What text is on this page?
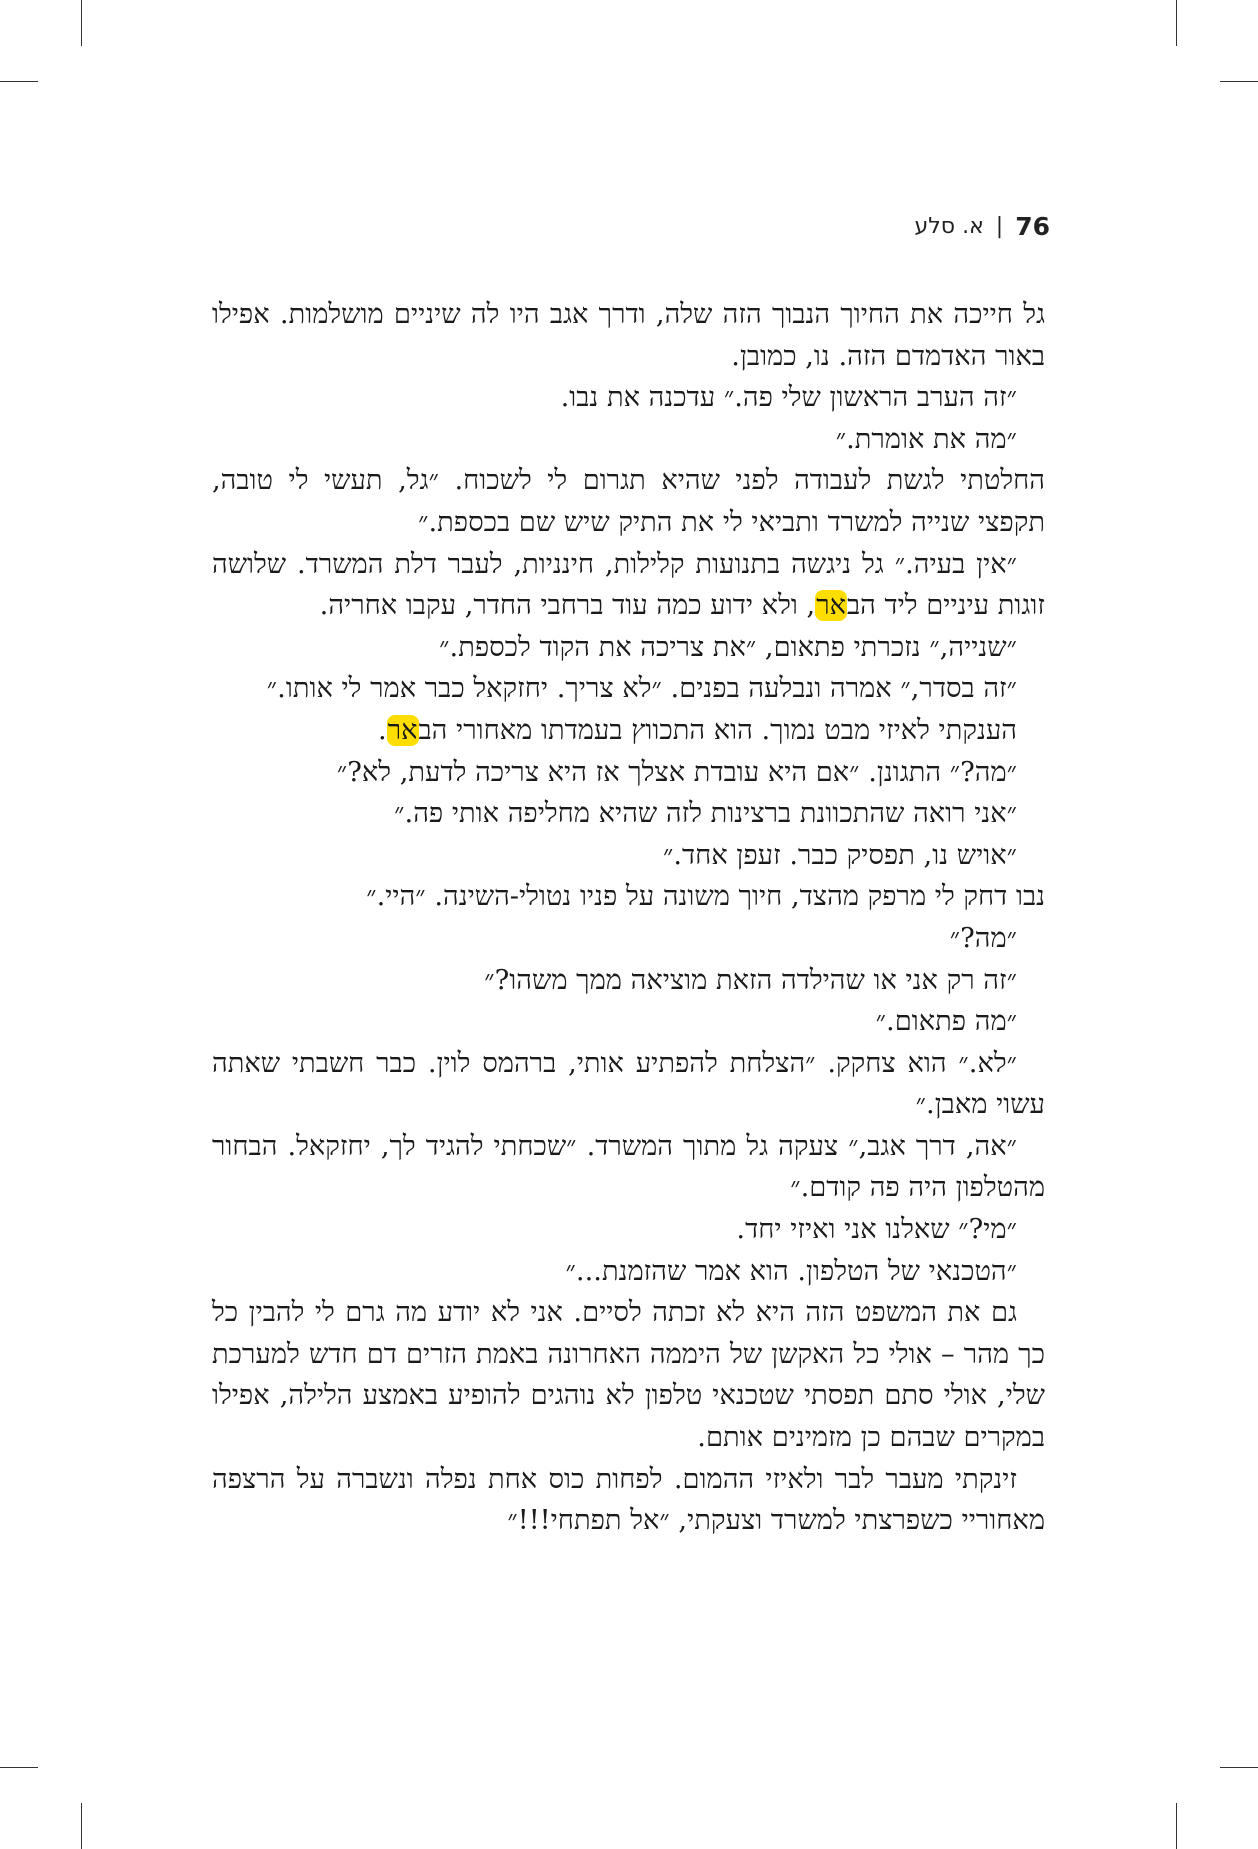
76
|
א. סלע

גל חייכה את החיוך הנבוך הזה שלה, ודרך אגב היו לה שיניים מושלמות. אפילו באור האדמדם הזה. נו, כמובן.

״זה הערב הראשון שלי פה.״ עדכנה את נבו.

״מה את אומרת.״

החלטתי לגשת לעבודה לפני שהיא תגרום לי לשכוח. ״גל, תעשי לי טובה, תקפצי שנייה למשרד ותביאי לי את התיק שיש שם בכספת.״

״אין בעיה.״ גל ניגשה בתנועות קלילות, חינניות, לעבר דלת המשרד. שלושה זוגות עיניים ליד הבאר, ולא ידוע כמה עוד ברחבי החדר, עקבו אחריה.

״שנייה,״ נזכרתי פתאום, ״את צריכה את הקוד לכספת.״

״זה בסדר,״ אמרה ונבלעה בפנים. ״לא צריך. יחזקאל כבר אמר לי אותו.״

הענקתי לאיזי מבט נמוך. הוא התכווץ בעמדתו מאחורי הבאר.

״מה?״ התגונן. ״אם היא עובדת אצלך אז היא צריכה לדעת, לא?״

״אני רואה שהתכוונת ברצינות לזה שהיא מחליפה אותי פה.״

״אויש נו, תפסיק כבר. זעפן אחד.״

נבו דחק לי מרפק מהצד, חיוך משונה על פניו נטולי-השינה. ״היי.״

״מה?״

״זה רק אני או שהילדה הזאת מוציאה ממך משהו?״

״מה פתאום.״

״לא.״ הוא צחקק. ״הצלחת להפתיע אותי, ברהמס לוין. כבר חשבתי שאתה עשוי מאבן.״

״אה, דרך אגב,״ צעקה גל מתוך המשרד. ״שכחתי להגיד לך, יחזקאל. הבחור מהטלפון היה פה קודם.״

״מי?״ שאלנו אני ואיזי יחד.

״הטכנאי של הטלפון. הוא אמר שהזמנת...״

גם את המשפט הזה היא לא זכתה לסיים. אני לא יודע מה גרם לי להבין כל כך מהר – אולי כל האקשן של היממה האחרונה באמת הזרים דם חדש למערכת שלי, אולי סתם תפסתי שטכנאי טלפון לא נוהגים להופיע באמצע הלילה, אפילו במקרים שבהם כן מזמינים אותם.

זינקתי מעבר לבר ולאיזי ההמום. לפחות כוס אחת נפלה ונשברה על הרצפה מאחוריי כשפרצתי למשרד וצעקתי, ״אל תפתחי!!!״
